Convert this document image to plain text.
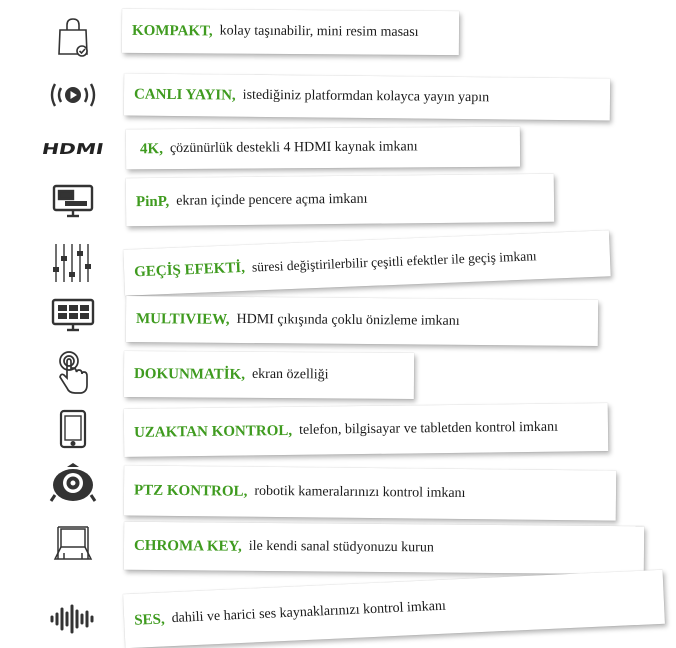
KOMPAKT, kolay taşınabilir, mini resim masası
CANLI YAYIN, istediğiniz platformdan kolayca yayın yapın
HDMI 4K, çözünürlük destekli 4 HDMI kaynak imkanı
PinP, ekran içinde pencere açma imkanı
GEÇİŞ EFEKTİ, süresi değiştirilerbilir çeşitli efektler ile geçiş imkanı
MULTIVIEW, HDMI çıkışında çoklu önizleme imkanı
DOKUNMATİK, ekran özelliği
UZAKTAN KONTROL, telefon, bilgisayar ve tabletden kontrol imkanı
PTZ KONTROL, robotik kameralarınızı kontrol imkanı
CHROMA KEY, ile kendi sanal stüdyonuzu kurun
SES, dahili ve harici ses kaynaklarınızı kontrol imkanı
